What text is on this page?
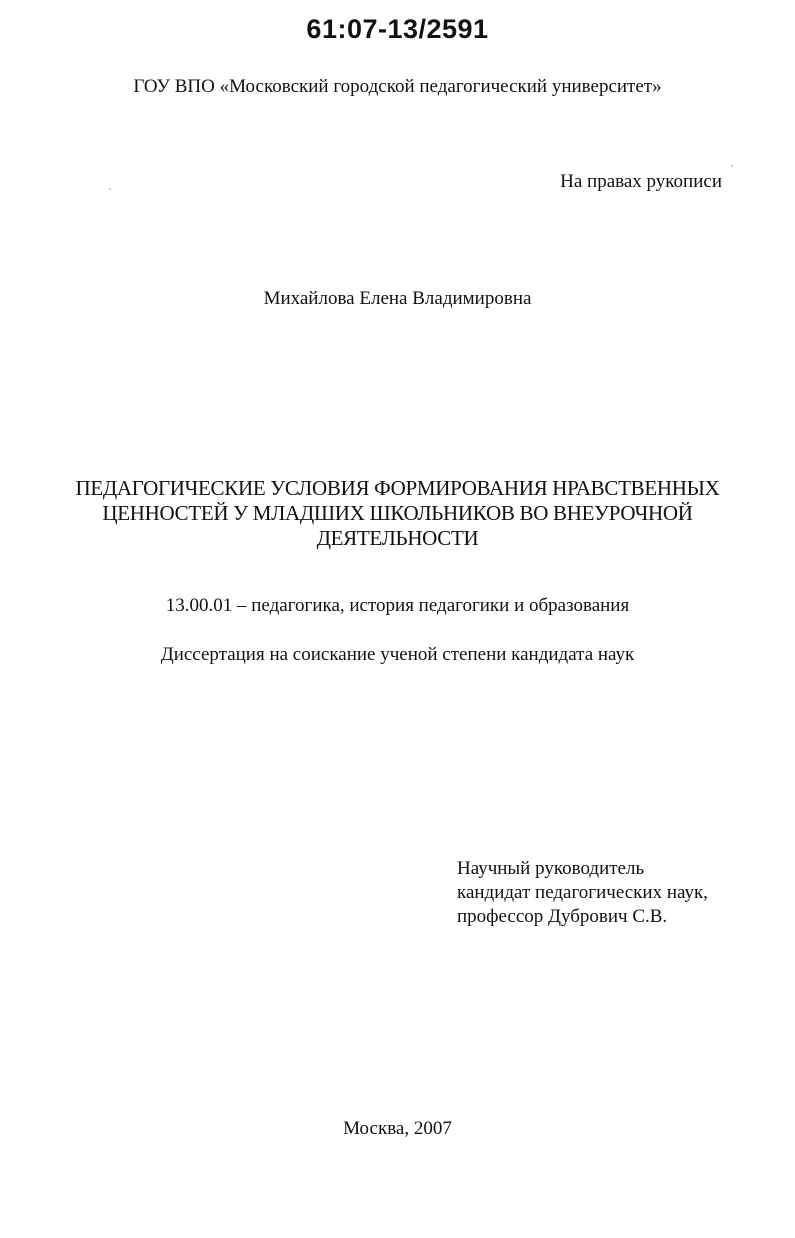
61:07-13/2591
ГОУ ВПО «Московский городской педагогический университет»
На правах рукописи
Михайлова Елена Владимировна
ПЕДАГОГИЧЕСКИЕ УСЛОВИЯ ФОРМИРОВАНИЯ НРАВСТВЕННЫХ
ЦЕННОСТЕЙ У МЛАДШИХ ШКОЛЬНИКОВ ВО ВНЕУРОЧНОЙ
ДЕЯТЕЛЬНОСТИ
13.00.01 – педагогика, история педагогики и образования
Диссертация на соискание ученой степени кандидата наук
Научный руководитель
кандидат педагогических наук,
профессор Дубрович С.В.
Москва, 2007
